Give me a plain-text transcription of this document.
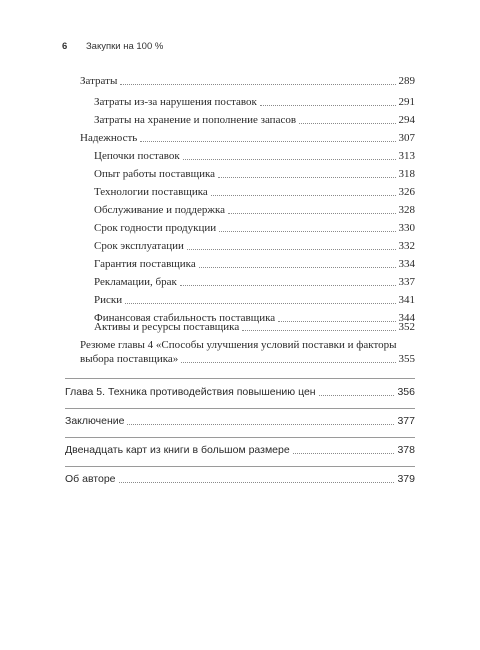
6 Закупки на 100 %
Затраты	289
Затраты из-за нарушения поставок	291
Затраты на хранение и пополнение запасов	294
Надежность	307
Цепочки поставок	313
Опыт работы поставщика	318
Технологии поставщика	326
Обслуживание и поддержка	328
Срок годности продукции	330
Срок эксплуатации	332
Гарантия поставщика	334
Рекламации, брак	337
Риски	341
Финансовая стабильность поставщика	344
Активы и ресурсы поставщика	352
Резюме главы 4 «Способы улучшения условий поставки и факторы
выбора поставщика»	355
Глава 5. Техника противодействия повышению цен	356
Заключение	377
Двенадцать карт из книги в большом размере	378
Об авторе	379
